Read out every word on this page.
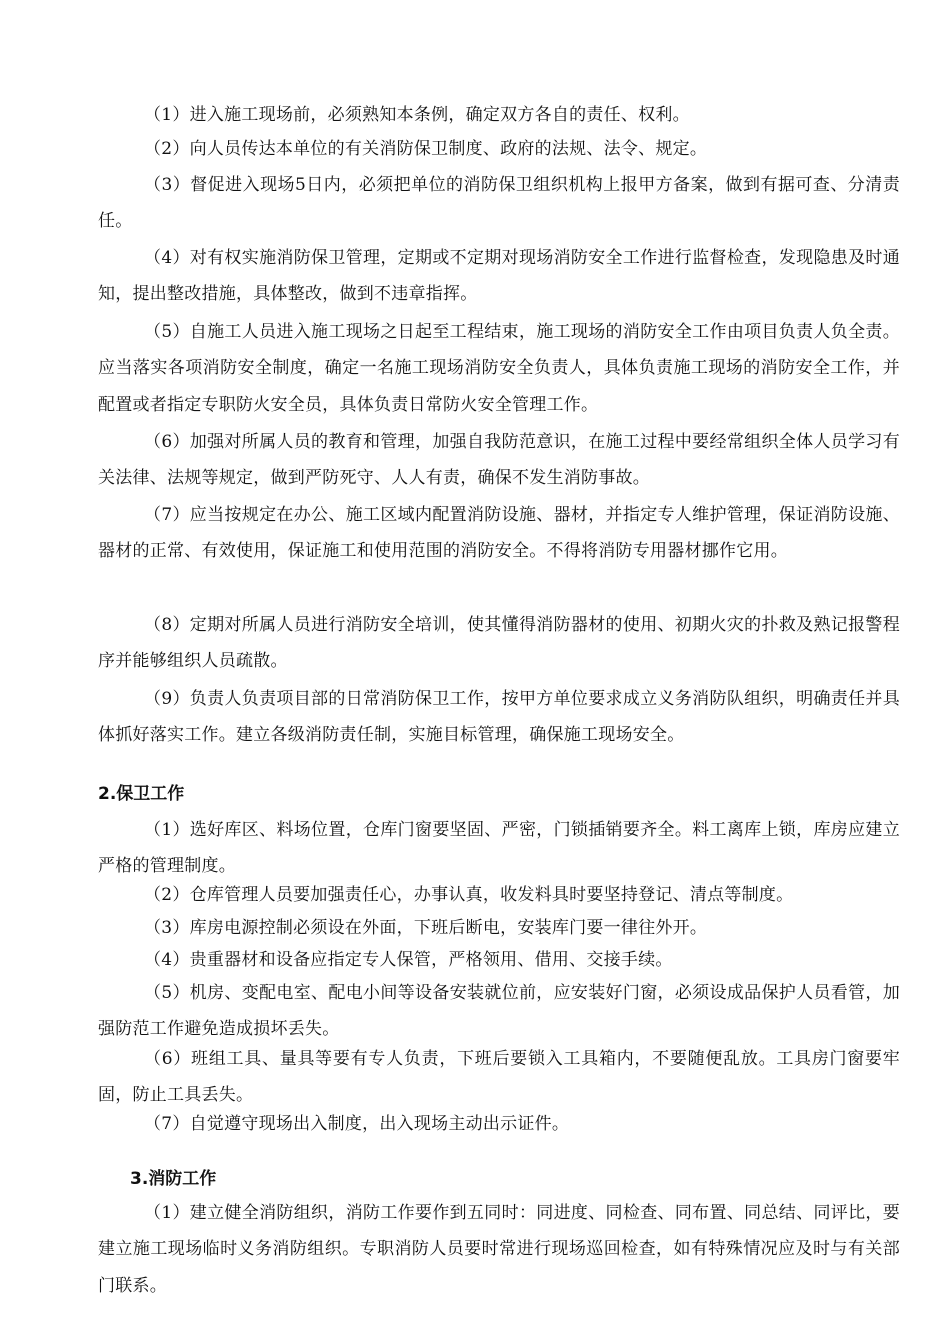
（1）进入施工现场前，必须熟知本条例，确定双方各自的责任、权利。

（2）向人员传达本单位的有关消防保卫制度、政府的法规、法令、规定。

（3）督促进入现场5日内，必须把单位的消防保卫组织机构上报甲方备案，做到有据可查、分清责任。

（4）对有权实施消防保卫管理，定期或不定期对现场消防安全工作进行监督检查，发现隐患及时通知，提出整改措施，具体整改，做到不违章指挥。

（5）自施工人员进入施工现场之日起至工程结束，施工现场的消防安全工作由项目负责人负全责。应当落实各项消防安全制度，确定一名施工现场消防安全负责人，具体负责施工现场的消防安全工作，并配置或者指定专职防火安全员，具体负责日常防火安全管理工作。

（6）加强对所属人员的教育和管理，加强自我防范意识，在施工过程中要经常组织全体人员学习有关法律、法规等规定，做到严防死守、人人有责，确保不发生消防事故。

（7）应当按规定在办公、施工区域内配置消防设施、器材，并指定专人维护管理，保证消防设施、器材的正常、有效使用，保证施工和使用范围的消防安全。不得将消防专用器材挪作它用。

（8）定期对所属人员进行消防安全培训，使其懂得消防器材的使用、初期火灾的扑救及熟记报警程序并能够组织人员疏散。

（9）负责人负责项目部的日常消防保卫工作，按甲方单位要求成立义务消防队组织，明确责任并具体抓好落实工作。建立各级消防责任制，实施目标管理，确保施工现场安全。

2.保卫工作

（1）选好库区、料场位置，仓库门窗要坚固、严密，门锁插销要齐全。料工离库上锁，库房应建立严格的管理制度。

（2）仓库管理人员要加强责任心，办事认真，收发料具时要坚持登记、清点等制度。

（3）库房电源控制必须设在外面，下班后断电，安装库门要一律往外开。

（4）贵重器材和设备应指定专人保管，严格领用、借用、交接手续。

（5）机房、变配电室、配电小间等设备安装就位前，应安装好门窗，必须设成品保护人员看管，加强防范工作避免造成损坏丢失。

（6）班组工具、量具等要有专人负责，下班后要锁入工具箱内，不要随便乱放。工具房门窗要牢固，防止工具丢失。

（7）自觉遵守现场出入制度，出入现场主动出示证件。

3.消防工作

（1）建立健全消防组织，消防工作要作到五同时：同进度、同检查、同布置、同总结、同评比，要建立施工现场临时义务消防组织。专职消防人员要时常进行现场巡回检查，如有特殊情况应及时与有关部门联系。
